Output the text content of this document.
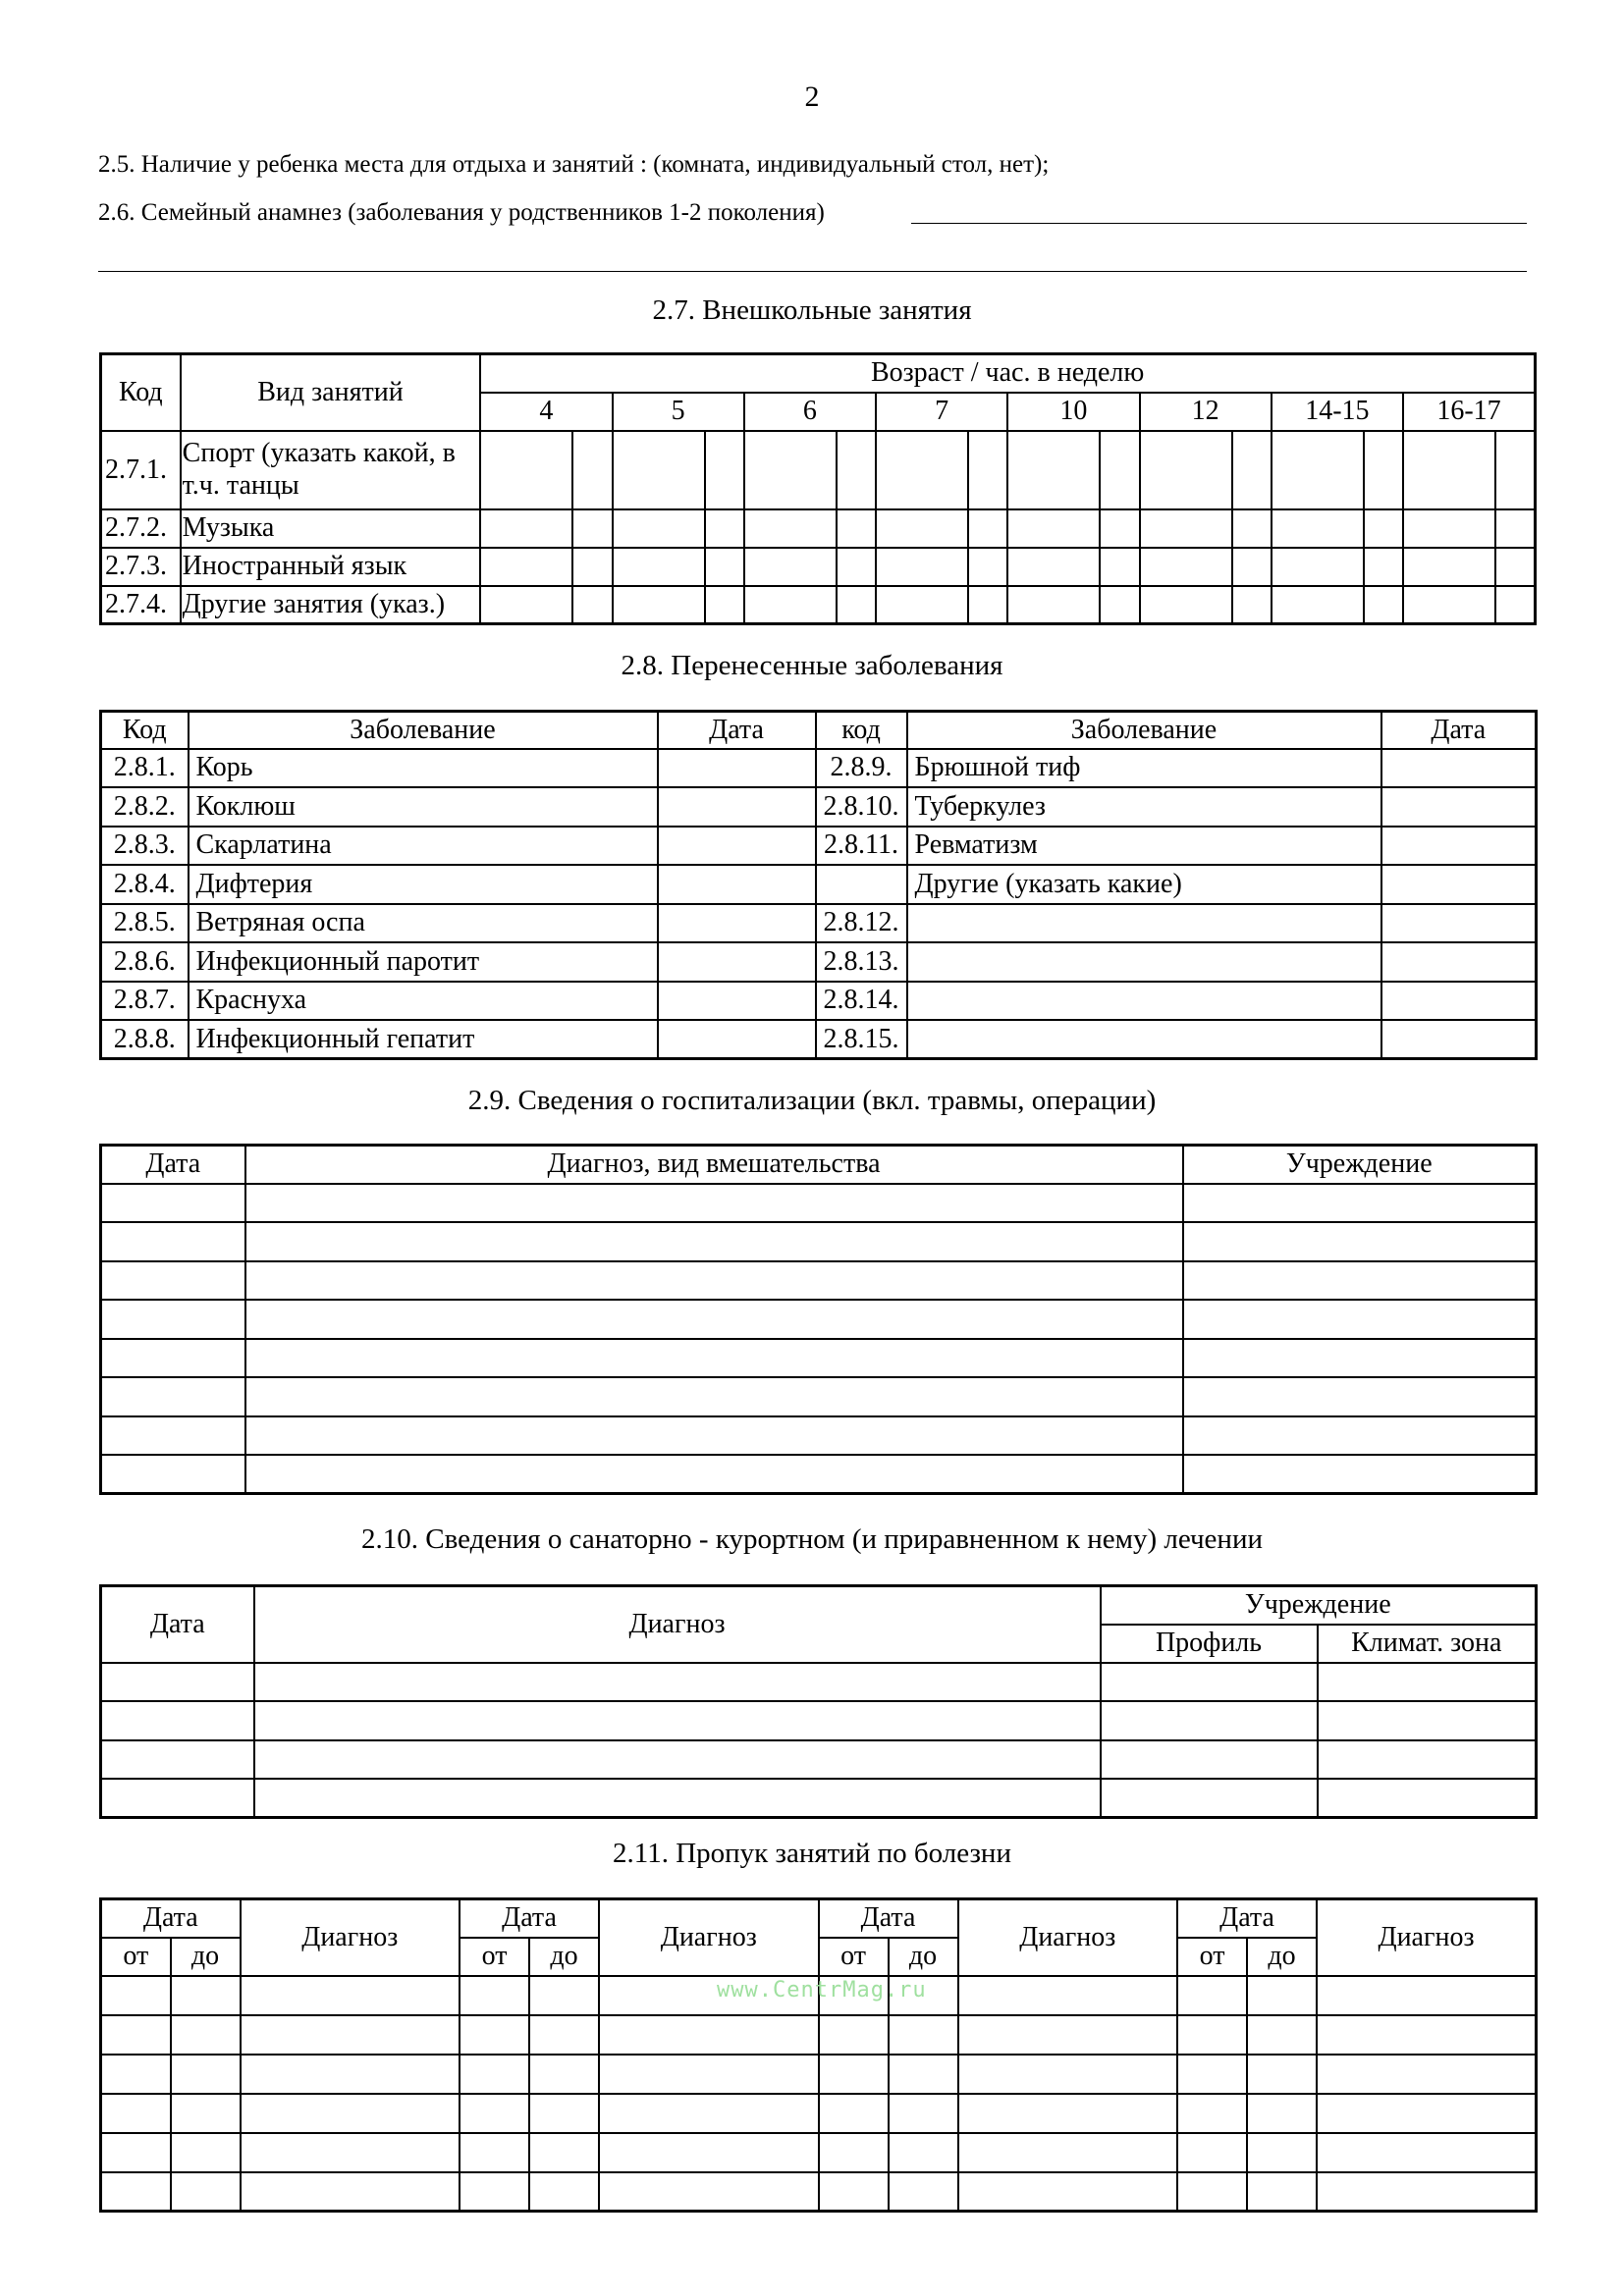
2
2.5. Наличие у ребенка места для отдыха и занятий : (комната, индивидуальный стол, нет);
2.6. Семейный анамнез (заболевания у родственников 1-2 поколения)
2.7. Внешкольные занятия
Код	Вид занятий	Возраст / час. в неделю															
		4		5		6		7		10		12		14-15		16-17	
2.7.1.	Спорт (указать какой, в т.ч. танцы																
2.7.2.	Музыка																
2.7.3.	Иностранный язык																
2.7.4.	Другие занятия (указ.)																
2.8. Перенесенные заболевания
Код	Заболевание	Дата	код	Заболевание	Дата
2.8.1.	Корь		2.8.9.	Брюшной тиф	
2.8.2.	Коклюш		2.8.10.	Туберкулез	
2.8.3.	Скарлатина		2.8.11.	Ревматизм	
2.8.4.	Дифтерия			Другие (указать какие)	
2.8.5.	Ветряная оспа		2.8.12.		
2.8.6.	Инфекционный паротит		2.8.13.		
2.8.7.	Краснуха		2.8.14.		
2.8.8.	Инфекционный гепатит		2.8.15.		
2.9. Сведения о госпитализации (вкл. травмы, операции)
Дата	Диагноз, вид вмешательства	Учреждение

2.10. Сведения о санаторно - курортном (и приравненном к нему) лечении
Дата	Диагноз	Учреждение	
		Профиль	Климат. зона

2.11. Пропук занятий по болезни
Дата		Диагноз	Дата		Диагноз	Дата		Диагноз	Дата		Диагноз
от	до		от	до		от	до		от	до	

www.CentrMag.ru
